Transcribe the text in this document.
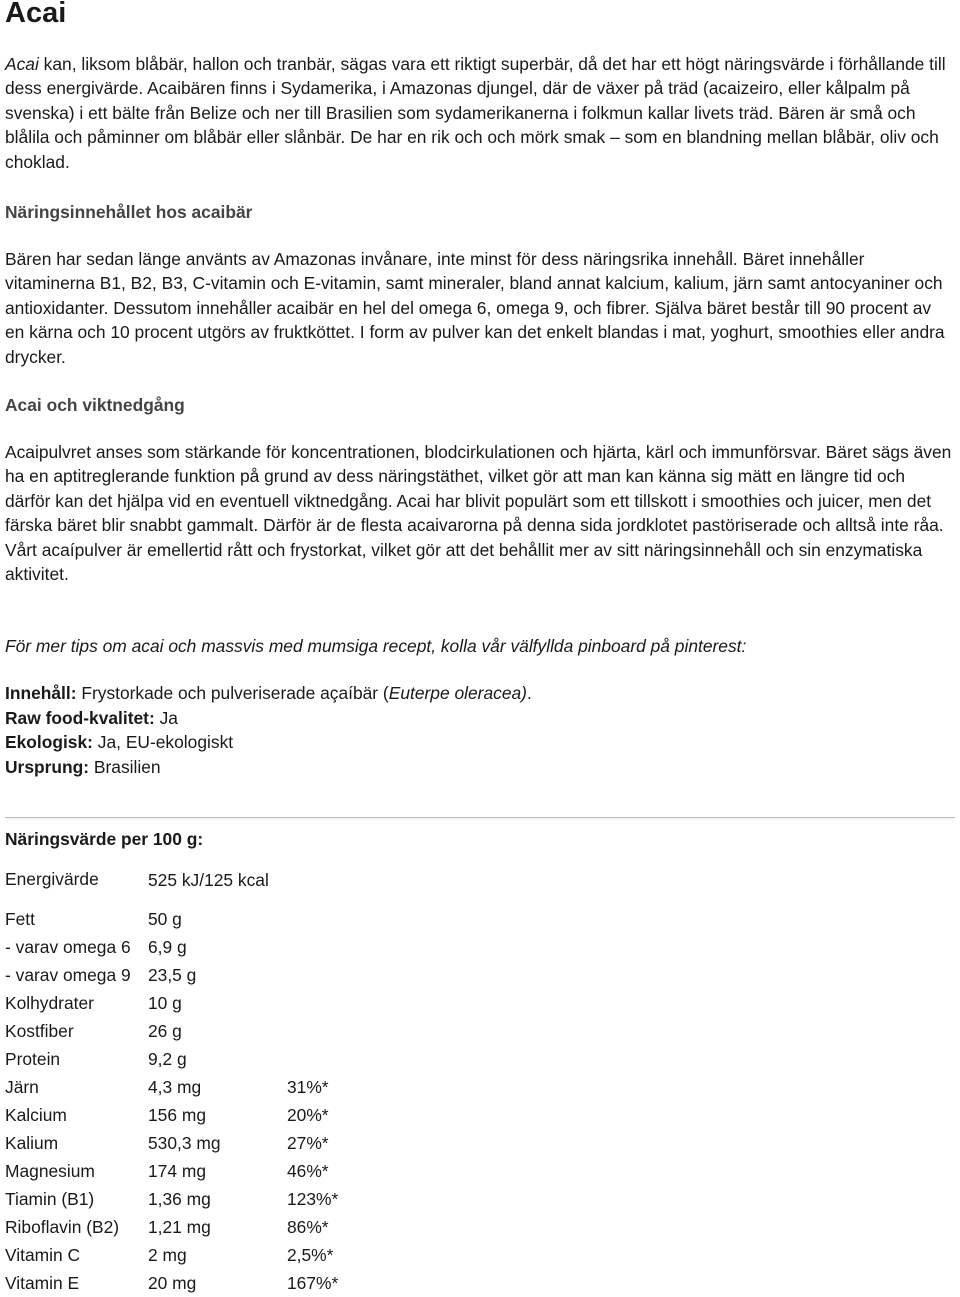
Acai

Acai kan, liksom blåbär, hallon och tranbär, sägas vara ett riktigt superbär, då det har ett högt näringsvärde i förhållande till dess energivärde. Acaibären finns i Sydamerika, i Amazonas djungel, där de växer på träd (acaizeiro, eller kålpalm på svenska) i ett bälte från Belize och ner till Brasilien som sydamerikanerna i folkmun kallar livets träd. Bären är små och blålila och påminner om blåbär eller slånbär. De har en rik och och mörk smak – som en blandning mellan blåbär, oliv och choklad.

Näringsinnehållet hos acaibär

Bären har sedan länge använts av Amazonas invånare, inte minst för dess näringsrika innehåll. Bäret innehåller vitaminerna B1, B2, B3, C-vitamin och E-vitamin, samt mineraler, bland annat kalcium, kalium, järn samt antocyaniner och antioxidanter. Dessutom innehåller acaibär en hel del omega 6, omega 9, och fibrer. Själva bäret består till 90 procent av en kärna och 10 procent utgörs av fruktköttet. I form av pulver kan det enkelt blandas i mat, yoghurt, smoothies eller andra drycker.

Acai och viktnedgång

Acaipulvret anses som stärkande för koncentrationen, blodcirkulationen och hjärta, kärl och immunförsvar. Bäret sägs även ha en aptitreglerande funktion på grund av dess näringstäthet, vilket gör att man kan känna sig mätt en längre tid och därför kan det hjälpa vid en eventuell viktnedgång. Acai har blivit populärt som ett tillskott i smoothies och juicer, men det färska bäret blir snabbt gammalt. Därför är de flesta acaivarorna på denna sida jordklotet pastöriserade och alltså inte råa. Vårt acaípulver är emellertid rått och frystorkat, vilket gör att det behållit mer av sitt näringsinnehåll och sin enzymatiska aktivitet.

För mer tips om acai och massvis med mumsiga recept, kolla vår välfyllda pinboard på pinterest:

Innehåll: Frystorkade och pulveriserade açaíbär (Euterpe oleracea).
Raw food-kvalitet: Ja
Ekologisk: Ja, EU-ekologiskt
Ursprung: Brasilien
Näringsvärde per 100 g:
Energivärde	525 kJ/125 kcal	
Fett	50 g	
- varav omega 6	6,9 g	
- varav omega 9	23,5 g	
Kolhydrater	10 g	
Kostfiber	26 g	
Protein	9,2 g	
Järn	4,3 mg	31%*
Kalcium	156 mg	20%*
Kalium	530,3 mg	27%*
Magnesium	174 mg	46%*
Tiamin (B1)	1,36 mg	123%*
Riboflavin (B2)	1,21 mg	86%*
Vitamin C	2 mg	2,5%*
Vitamin E	20 mg	167%*
